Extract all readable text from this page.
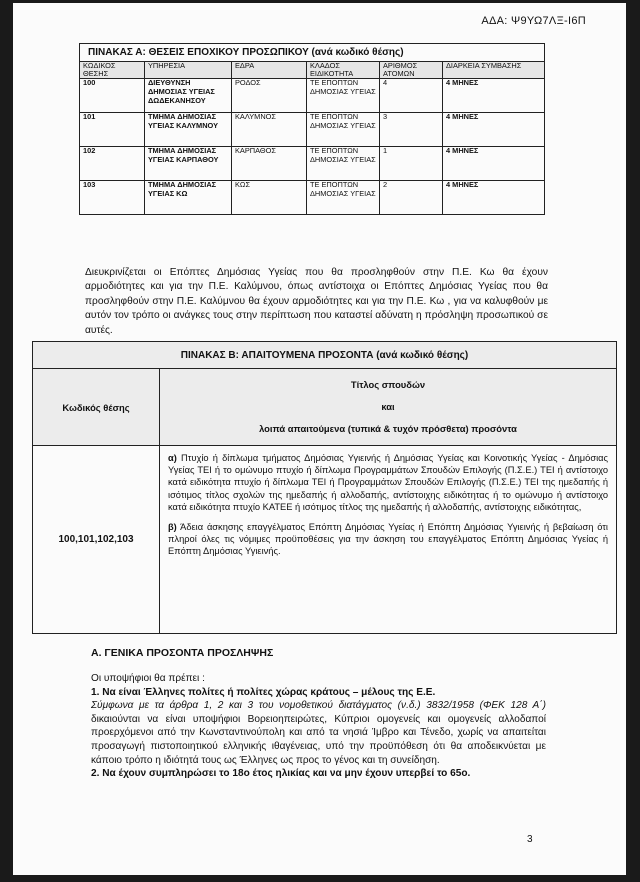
ΑΔΑ: Ψ9ΥΩ7ΛΞ-Ι6Π
ΠΙΝΑΚΑΣ Α: ΘΕΣΕΙΣ ΕΠΟΧΙΚΟΥ ΠΡΟΣΩΠΙΚΟΥ (ανά κωδικό θέσης)					
ΚΩΔΙΚΟΣ ΘΕΣΗΣ	ΥΠΗΡΕΣΙΑ	ΕΔΡΑ	ΚΛΑΔΟΣ ΕΙΔΙΚΟΤΗΤΑ	ΑΡΙΘΜΟΣ ΑΤΟΜΩΝ	ΔΙΑΡΚΕΙΑ ΣΥΜΒΑΣΗΣ
100	ΔΙΕΥΘΥΝΣΗ ΔΗΜΟΣΙΑΣ ΥΓΕΙΑΣ ΔΩΔΕΚΑΝΗΣΟΥ	ΡΟΔΟΣ	ΤΕ ΕΠΟΠΤΩΝ ΔΗΜΟΣΙΑΣ ΥΓΕΙΑΣ	4	4 ΜΗΝΕΣ
101	ΤΜΗΜΑ ΔΗΜΟΣΙΑΣ ΥΓΕΙΑΣ ΚΑΛΥΜΝΟΥ	ΚΑΛΥΜΝΟΣ	ΤΕ ΕΠΟΠΤΩΝ ΔΗΜΟΣΙΑΣ ΥΓΕΙΑΣ	3	4 ΜΗΝΕΣ
102	ΤΜΗΜΑ ΔΗΜΟΣΙΑΣ ΥΓΕΙΑΣ ΚΑΡΠΑΘΟΥ	ΚΑΡΠΑΘΟΣ	ΤΕ ΕΠΟΠΤΩΝ ΔΗΜΟΣΙΑΣ ΥΓΕΙΑΣ	1	4 ΜΗΝΕΣ
103	ΤΜΗΜΑ ΔΗΜΟΣΙΑΣ ΥΓΕΙΑΣ ΚΩ	ΚΩΣ	ΤΕ ΕΠΟΠΤΩΝ ΔΗΜΟΣΙΑΣ ΥΓΕΙΑΣ	2	4 ΜΗΝΕΣ
Διευκρινίζεται οι Επόπτες Δημόσιας Υγείας που θα προσληφθούν στην Π.Ε. Κω θα έχουν αρμοδιότητες και για την Π.Ε. Καλύμνου, όπως αντίστοιχα οι Επόπτες Δημόσιας Υγείας που θα προσληφθούν στην Π.Ε. Καλύμνου θα έχουν αρμοδιότητες και για την Π.Ε. Κω , για να καλυφθούν με αυτόν τον τρόπο οι ανάγκες τους στην περίπτωση που καταστεί αδύνατη η πρόσληψη προσωπικού σε αυτές.
ΠΙΝΑΚΑΣ Β: ΑΠΑΙΤΟΥΜΕΝΑ ΠΡΟΣΟΝΤΑ (ανά κωδικό θέσης)	
Κωδικός θέσης	Τίτλος σπουδών
και
λοιπά απαιτούμενα (τυπικά & τυχόν πρόσθετα) προσόντα

100,101,102,103	α) Πτυχίο ή δίπλωμα τμήματος Δημόσιας Υγιεινής ή Δημόσιας Υγείας και Κοινοτικής Υγείας - Δημόσιας Υγείας ΤΕΙ ή το ομώνυμο πτυχίο ή δίπλωμα Προγραμμάτων Σπουδών Επιλογής (Π.Σ.Ε.) ΤΕΙ ή αντίστοιχο κατά ειδικότητα πτυχίο ή δίπλωμα ΤΕΙ ή Προγραμμάτων Σπουδών Επιλογής (Π.Σ.Ε.) ΤΕΙ της ημεδαπής ή ισότιμος τίτλος σχολών της ημεδαπής ή αλλοδαπής, αντίστοιχης ειδικότητας ή το ομώνυμο ή αντίστοιχο κατά ειδικότητα πτυχίο ΚΑΤΕΕ ή ισότιμος τίτλος της ημεδαπής ή αλλοδαπής, αντίστοιχης ειδικότητας,

β) Άδεια άσκησης επαγγέλματος Επόπτη Δημόσιας Υγείας ή Επόπτη Δημόσιας Υγιεινής ή βεβαίωση ότι πληροί όλες τις νόμιμες προϋποθέσεις για την άσκηση του επαγγέλματος Επόπτη Δημόσιας Υγείας ή Επόπτη Δημόσιας Υγιεινής.

Α. ΓΕΝΙΚΑ ΠΡΟΣΟΝΤΑ ΠΡΟΣΛΗΨΗΣ

Οι υποψήφιοι θα πρέπει :

1. Να είναι Έλληνες πολίτες ή πολίτες χώρας κράτους – μέλους της Ε.Ε.

Σύμφωνα με τα άρθρα 1, 2 και 3 του νομοθετικού διατάγματος (ν.δ.) 3832/1958 (ΦΕΚ 128 Α΄) δικαιούνται να είναι υποψήφιοι Βορειοηπειρώτες, Κύπριοι ομογενείς και ομογενείς αλλοδαποί προερχόμενοι από την Κωνσταντινούπολη και από τα νησιά Ίμβρο και Τένεδο, χωρίς να απαιτείται προσαγωγή πιστοποιητικού ελληνικής ιθαγένειας, υπό την προϋπόθεση ότι θα αποδεικνύεται με κάποιο τρόπο η ιδιότητά τους ως Έλληνες ως προς το γένος και τη συνείδηση.

2. Να έχουν συμπληρώσει το 18ο έτος ηλικίας και να μην έχουν υπερβεί το 65ο.

3
